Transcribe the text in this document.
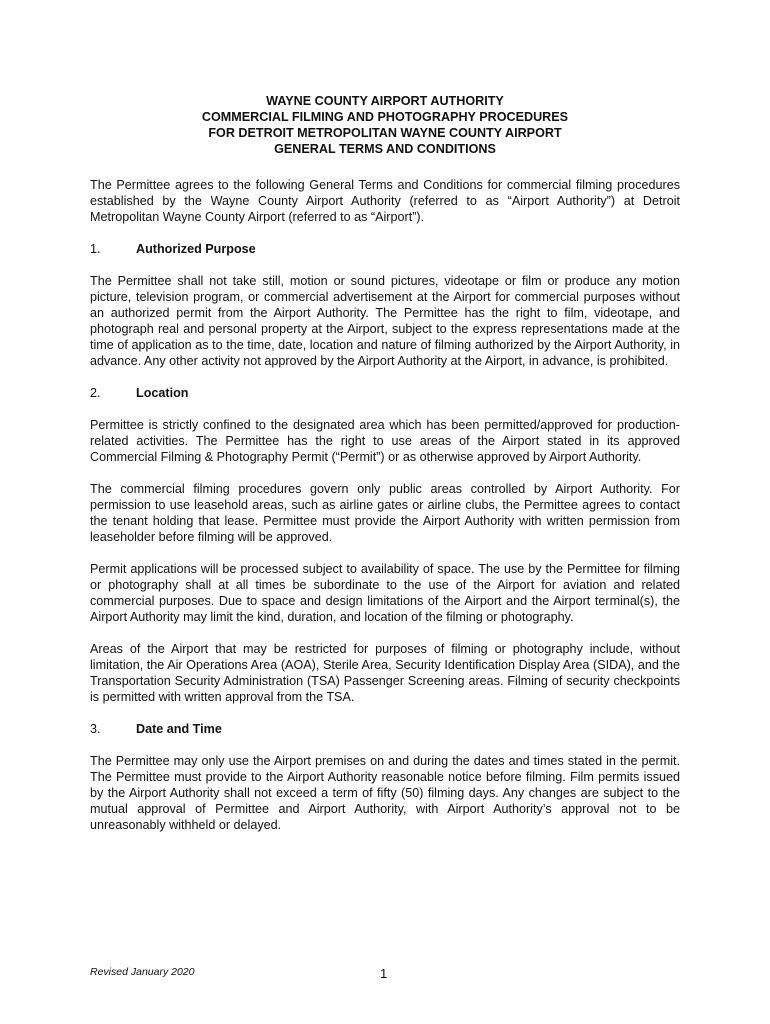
WAYNE COUNTY AIRPORT AUTHORITY
COMMERCIAL FILMING AND PHOTOGRAPHY PROCEDURES
FOR DETROIT METROPOLITAN WAYNE COUNTY AIRPORT
GENERAL TERMS AND CONDITIONS

The Permittee agrees to the following General Terms and Conditions for commercial filming procedures established by the Wayne County Airport Authority (referred to as “Airport Authority”) at Detroit Metropolitan Wayne County Airport (referred to as “Airport”).

1.	Authorized Purpose

The Permittee shall not take still, motion or sound pictures, videotape or film or produce any motion picture, television program, or commercial advertisement at the Airport for commercial purposes without an authorized permit from the Airport Authority. The Permittee has the right to film, videotape, and photograph real and personal property at the Airport, subject to the express representations made at the time of application as to the time, date, location and nature of filming authorized by the Airport Authority, in advance. Any other activity not approved by the Airport Authority at the Airport, in advance, is prohibited.

2.	Location

Permittee is strictly confined to the designated area which has been permitted/approved for production-related activities. The Permittee has the right to use areas of the Airport stated in its approved Commercial Filming & Photography Permit (“Permit”) or as otherwise approved by Airport Authority.

The commercial filming procedures govern only public areas controlled by Airport Authority. For permission to use leasehold areas, such as airline gates or airline clubs, the Permittee agrees to contact the tenant holding that lease. Permittee must provide the Airport Authority with written permission from leaseholder before filming will be approved.

Permit applications will be processed subject to availability of space. The use by the Permittee for filming or photography shall at all times be subordinate to the use of the Airport for aviation and related commercial purposes. Due to space and design limitations of the Airport and the Airport terminal(s), the Airport Authority may limit the kind, duration, and location of the filming or photography.

Areas of the Airport that may be restricted for purposes of filming or photography include, without limitation, the Air Operations Area (AOA), Sterile Area, Security Identification Display Area (SIDA), and the Transportation Security Administration (TSA) Passenger Screening areas. Filming of security checkpoints is permitted with written approval from the TSA.

3.	Date and Time

The Permittee may only use the Airport premises on and during the dates and times stated in the permit. The Permittee must provide to the Airport Authority reasonable notice before filming. Film permits issued by the Airport Authority shall not exceed a term of fifty (50) filming days. Any changes are subject to the mutual approval of Permittee and Airport Authority, with Airport Authority’s approval not to be unreasonably withheld or delayed.

Revised January 2020	1
